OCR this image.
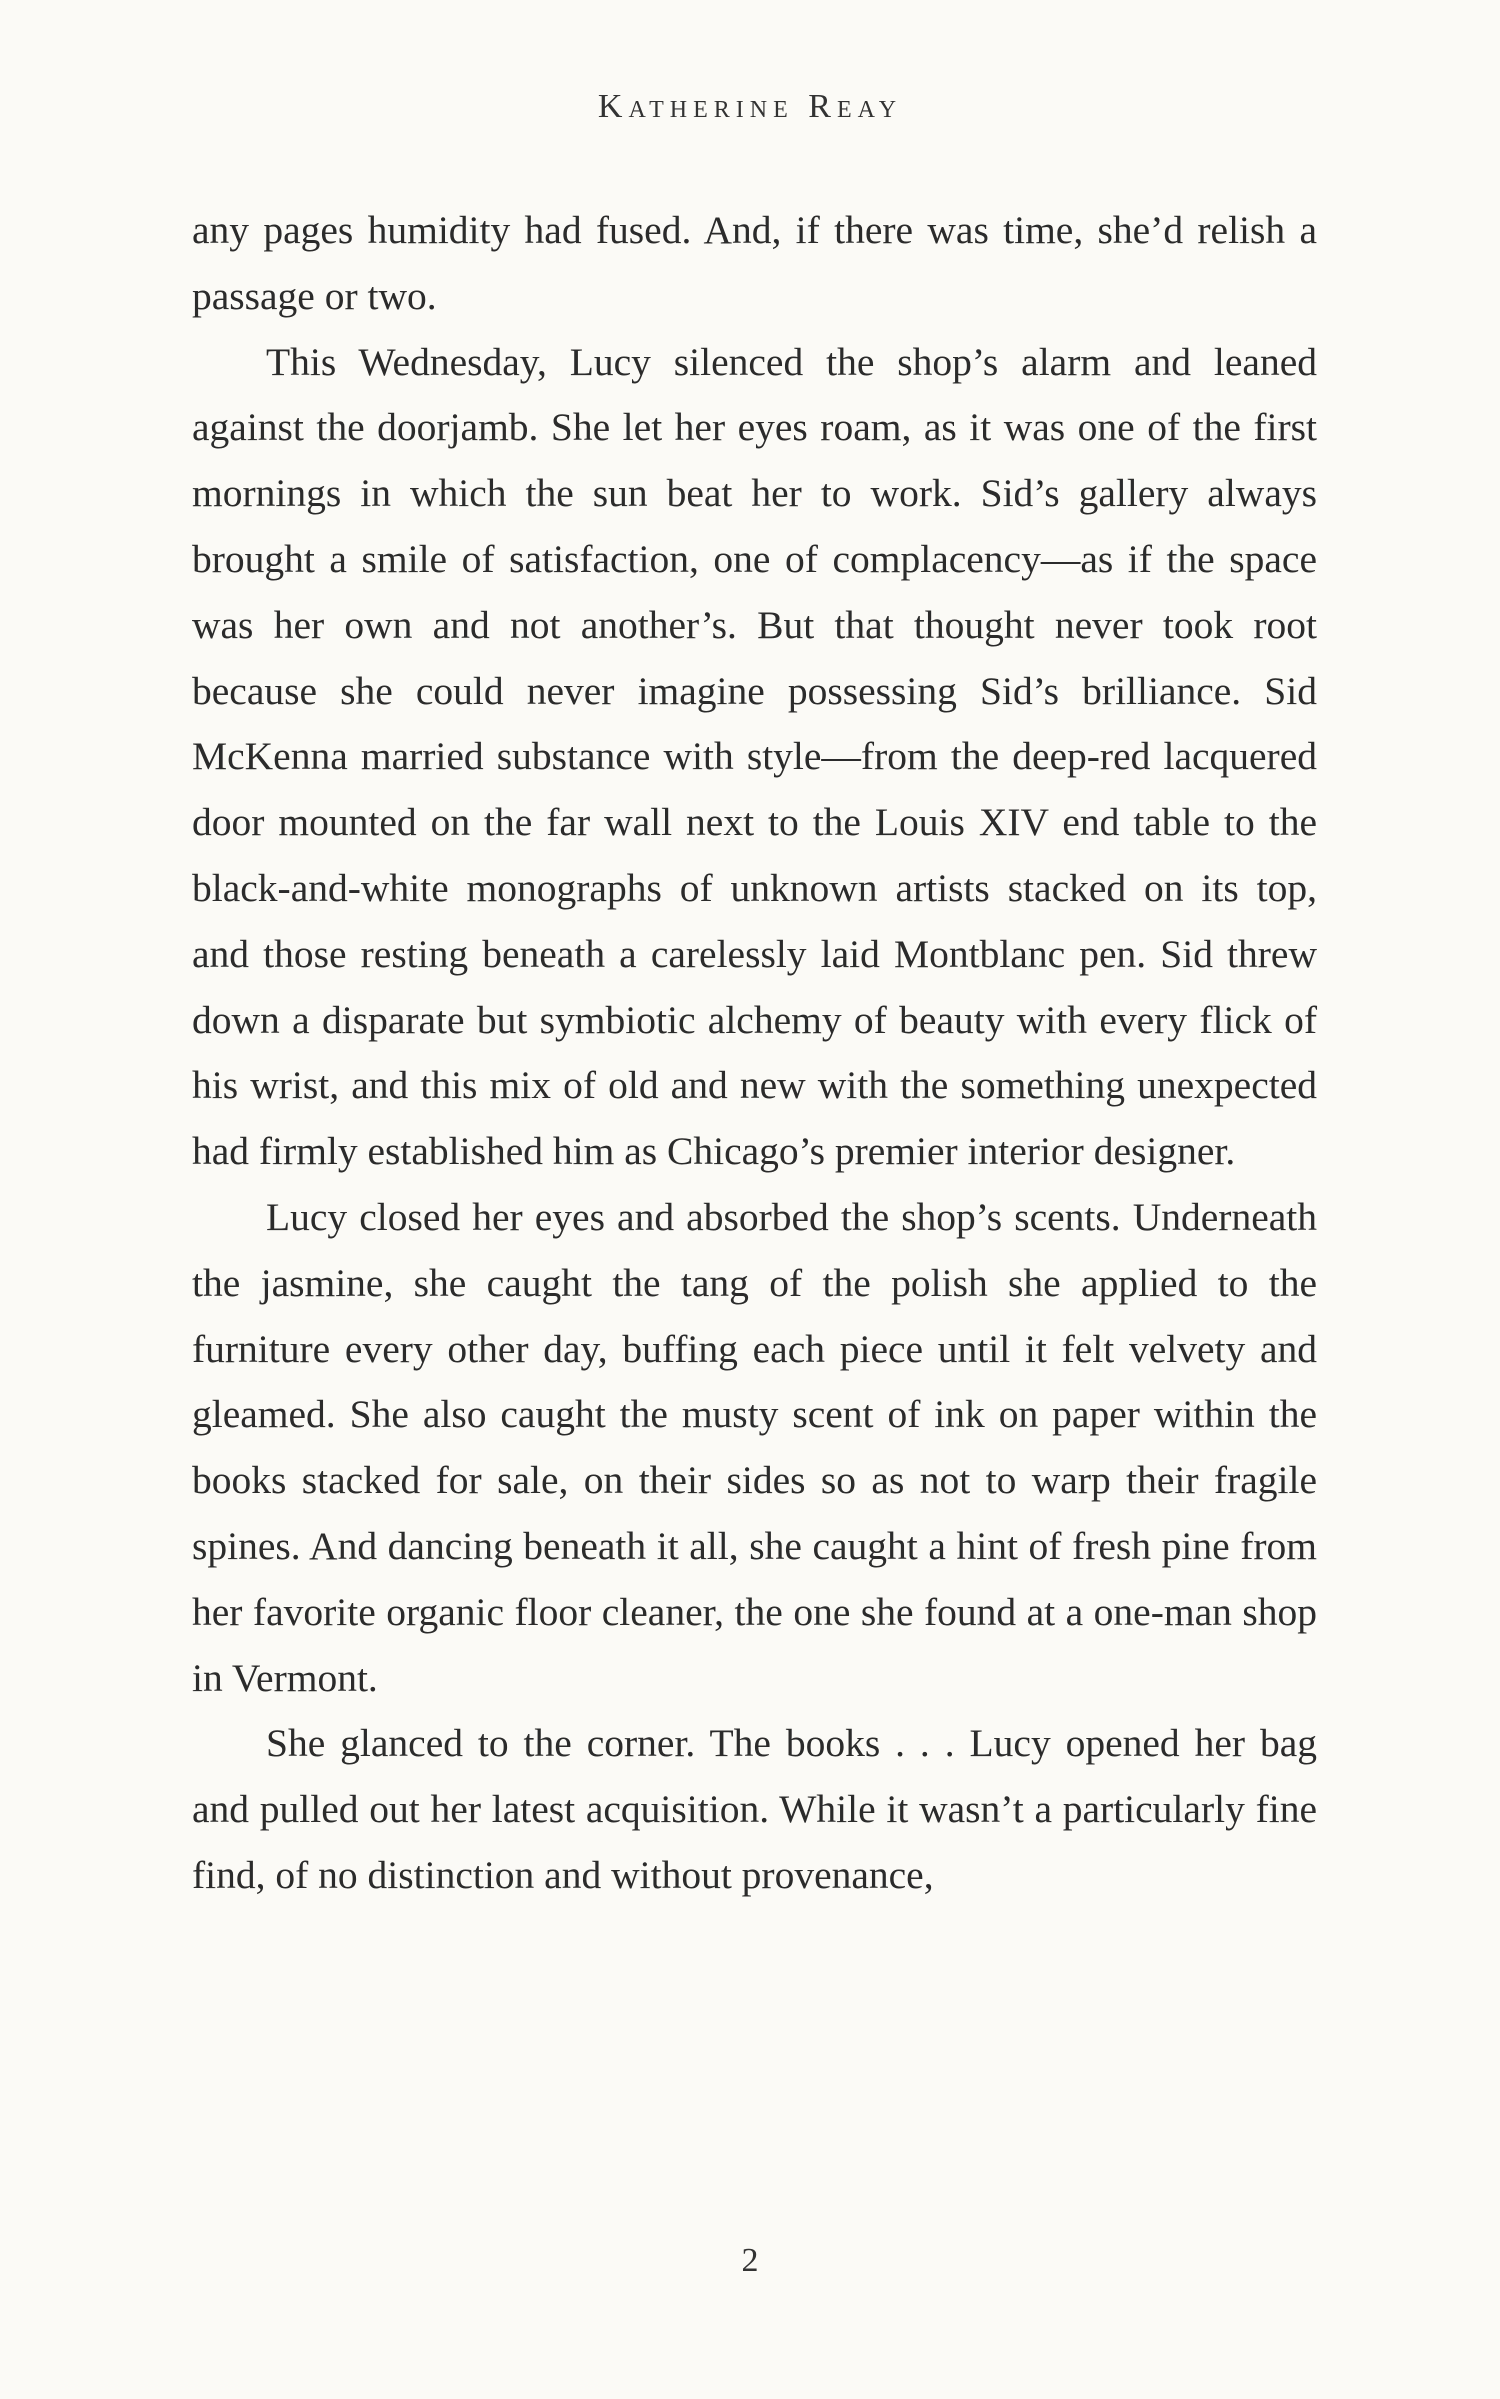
Katherine Reay

any pages humidity had fused. And, if there was time, she’d relish a passage or two.

This Wednesday, Lucy silenced the shop’s alarm and leaned against the doorjamb. She let her eyes roam, as it was one of the first mornings in which the sun beat her to work. Sid’s gallery always brought a smile of satisfaction, one of complacency—as if the space was her own and not another’s. But that thought never took root because she could never imagine possessing Sid’s brilliance. Sid McKenna married substance with style—from the deep-red lacquered door mounted on the far wall next to the Louis XIV end table to the black-and-white monographs of unknown artists stacked on its top, and those resting beneath a carelessly laid Montblanc pen. Sid threw down a disparate but symbiotic alchemy of beauty with every flick of his wrist, and this mix of old and new with the something unexpected had firmly established him as Chicago’s premier interior designer.

Lucy closed her eyes and absorbed the shop’s scents. Underneath the jasmine, she caught the tang of the polish she applied to the furniture every other day, buffing each piece until it felt velvety and gleamed. She also caught the musty scent of ink on paper within the books stacked for sale, on their sides so as not to warp their fragile spines. And dancing beneath it all, she caught a hint of fresh pine from her favorite organic floor cleaner, the one she found at a one-man shop in Vermont.

She glanced to the corner. The books . . . Lucy opened her bag and pulled out her latest acquisition. While it wasn’t a particularly fine find, of no distinction and without provenance,

2
